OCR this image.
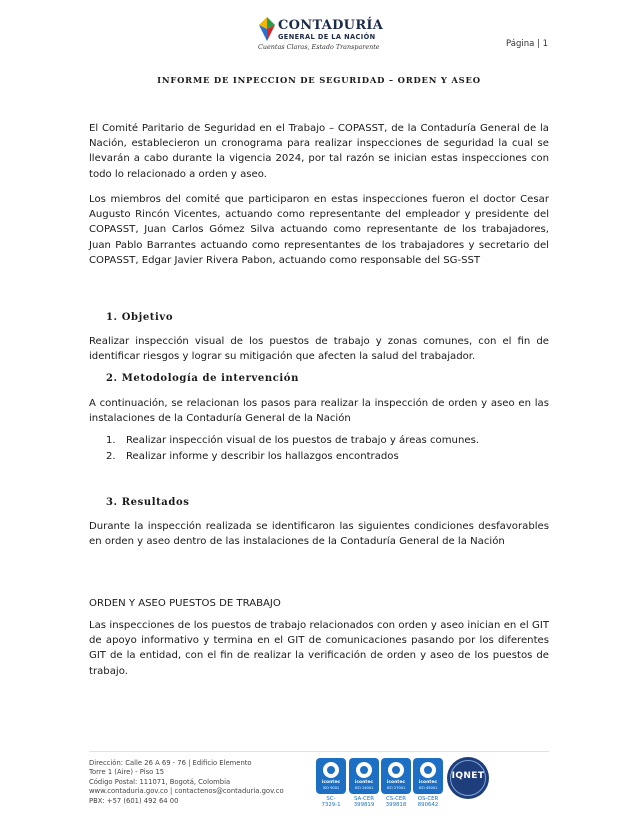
CONTADURÍA
GENERAL DE LA NACIÓN
Cuentas Claras, Estado Transparente	Página | 1
INFORME DE INPECCION DE SEGURIDAD – ORDEN Y ASEO

El Comité Paritario de Seguridad en el Trabajo – COPASST, de la Contaduría General de la Nación, establecieron un cronograma para realizar inspecciones de seguridad la cual se llevarán a cabo durante la vigencia 2024, por tal razón se inician estas inspecciones con todo lo relacionado a orden y aseo.

Los miembros del comité que participaron en estas inspecciones fueron el doctor Cesar Augusto Rincón Vicentes, actuando como representante del empleador y presidente del COPASST, Juan Carlos Gómez Silva actuando como representante de los trabajadores, Juan Pablo Barrantes actuando como representantes de los trabajadores y secretario del COPASST, Edgar Javier Rivera Pabon, actuando como responsable del SG-SST

1. Objetivo

Realizar inspección visual de los puestos de trabajo y zonas comunes, con el fin de identificar riesgos y lograr su mitigación que afecten la salud del trabajador.

2. Metodología de intervención

A continuación, se relacionan los pasos para realizar la inspección de orden y aseo en las instalaciones de la Contaduría General de la Nación

1. Realizar inspección visual de los puestos de trabajo y áreas comunes.
2. Realizar informe y describir los hallazgos encontrados
3. Resultados

Durante la inspección realizada se identificaron las siguientes condiciones desfavorables en orden y aseo dentro de las instalaciones de la Contaduría General de la Nación

ORDEN Y ASEO PUESTOS DE TRABAJO

Las inspecciones de los puestos de trabajo relacionados con orden y aseo inician en el GIT de apoyo informativo y termina en el GIT de comunicaciones pasando por los diferentes GIT de la entidad, con el fin de realizar la verificación de orden y aseo de los puestos de trabajo.

Dirección: Calle 26 A 69 - 76 | Edificio Elemento
Torre 1 (Aire) - Piso 15
Código Postal: 111071, Bogotá, Colombia
www.contaduria.gov.co | contactenos@contaduria.gov.co
PBX: +57 (601) 492 64 00
icontec
ISO 9001
SC-
7329-1
icontec
ISO 14001
SA-CER
399819
icontec
ISO 27001
CS-CER
399818
icontec
ISO 45001
OS-CER
890642
IQNET
